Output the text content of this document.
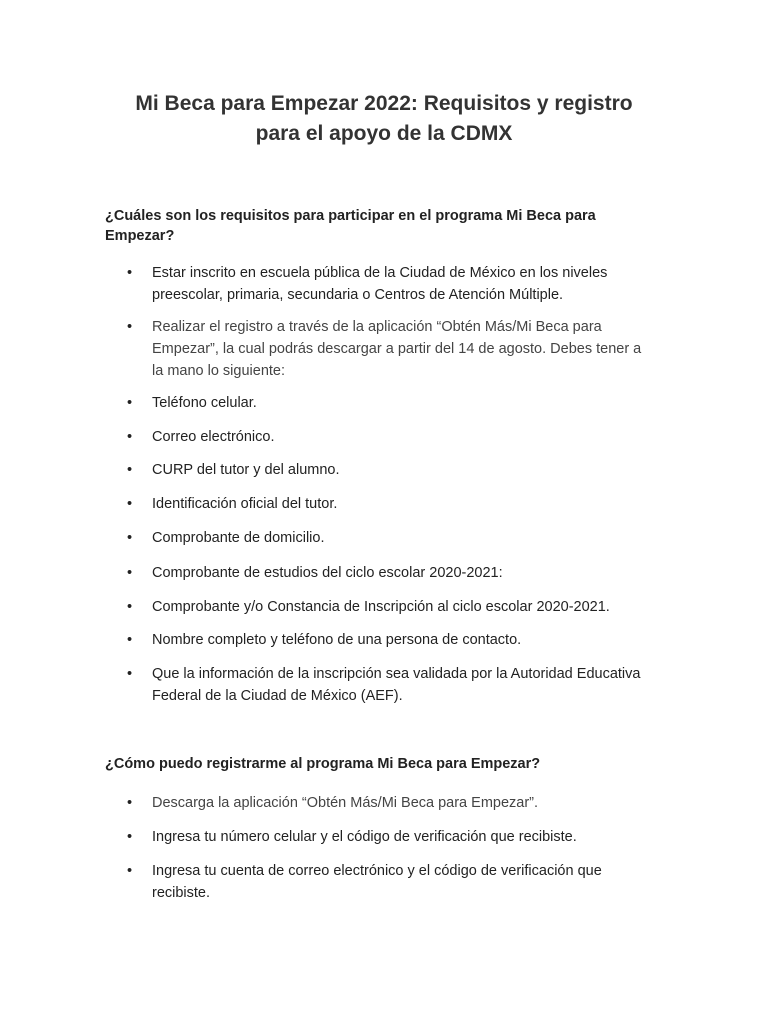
Mi Beca para Empezar 2022: Requisitos y registro
para el apoyo de la CDMX
¿Cuáles son los requisitos para participar en el programa Mi Beca para
Empezar?
• Estar inscrito en escuela pública de la Ciudad de México en los niveles
preescolar, primaria, secundaria o Centros de Atención Múltiple.
• Realizar el registro a través de la aplicación “Obtén Más/Mi Beca para
Empezar”, la cual podrás descargar a partir del 14 de agosto. Debes tener a
la mano lo siguiente:
• Teléfono celular.
• Correo electrónico.
• CURP del tutor y del alumno.
• Identificación oficial del tutor.
• Comprobante de domicilio.
• Comprobante de estudios del ciclo escolar 2020-2021:
• Comprobante y/o Constancia de Inscripción al ciclo escolar 2020-2021.
• Nombre completo y teléfono de una persona de contacto.
• Que la información de la inscripción sea validada por la Autoridad Educativa
Federal de la Ciudad de México (AEF).
¿Cómo puedo registrarme al programa Mi Beca para Empezar?
• Descarga la aplicación “Obtén Más/Mi Beca para Empezar”.
• Ingresa tu número celular y el código de verificación que recibiste.
• Ingresa tu cuenta de correo electrónico y el código de verificación que
recibiste.
